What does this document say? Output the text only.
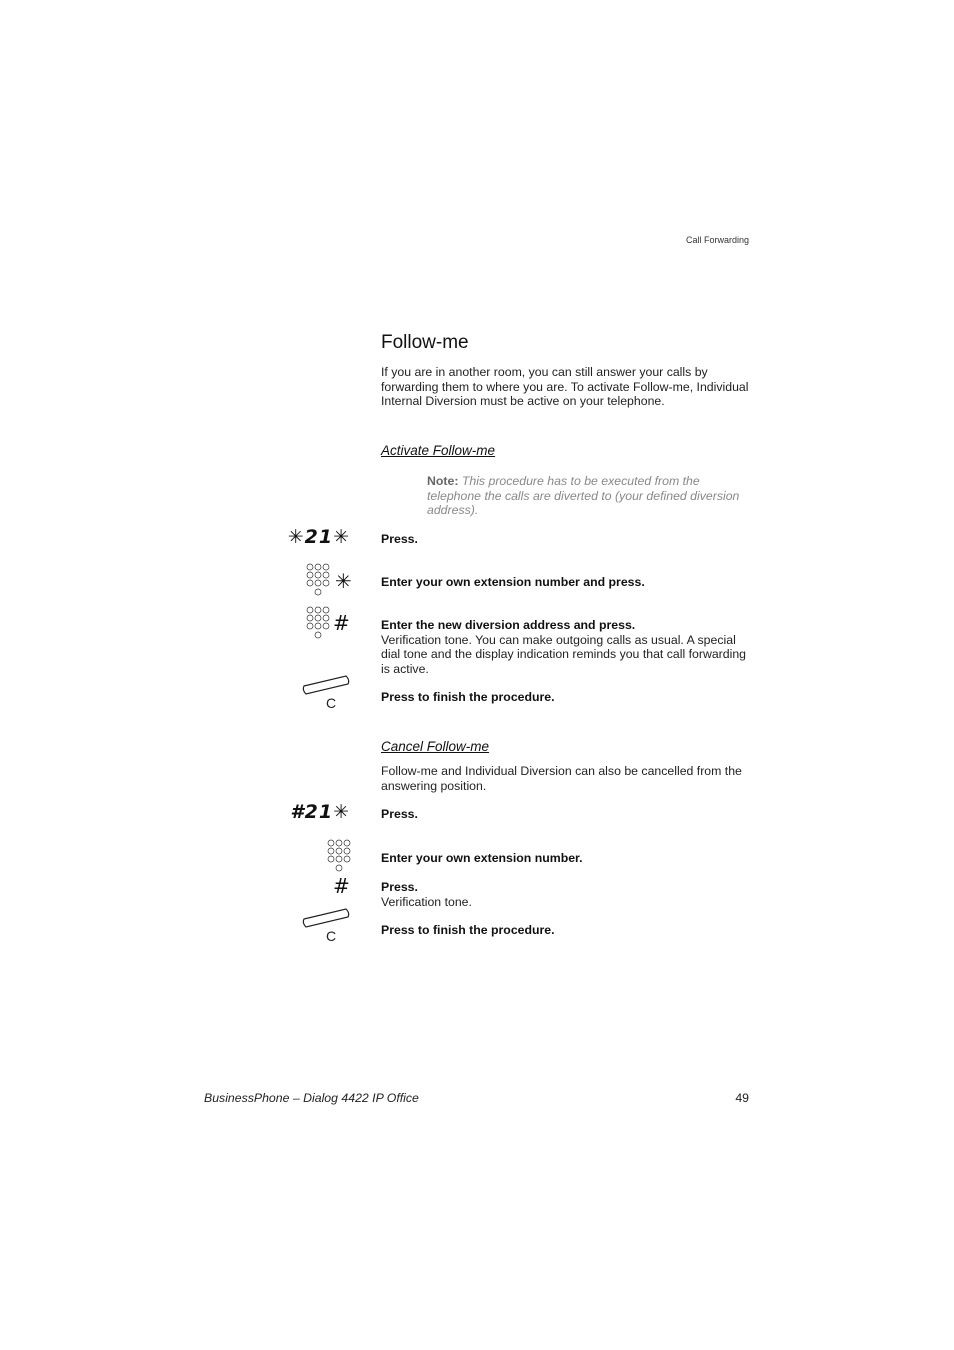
Call Forwarding
Follow-me
If you are in another room, you can still answer your calls by forwarding them to where you are. To activate Follow-me, Individual Internal Diversion must be active on your telephone.
Activate Follow-me
Note: This procedure has to be executed from the telephone the calls are diverted to (your defined diversion address).
✳21✳	Press.
✳ Enter your own extension number and press.
#	Enter the new diversion address and press.
Verification tone. You can make outgoing calls as usual. A special dial tone and the display indication reminds you that call forwarding is active.
C	Press to finish the procedure.
Cancel Follow-me
Follow-me and Individual Diversion can also be cancelled from the answering position.
#21✳	Press.
Enter your own extension number.
#	Press.
Verification tone.
C	Press to finish the procedure.
BusinessPhone – Dialog 4422 IP Office	49
